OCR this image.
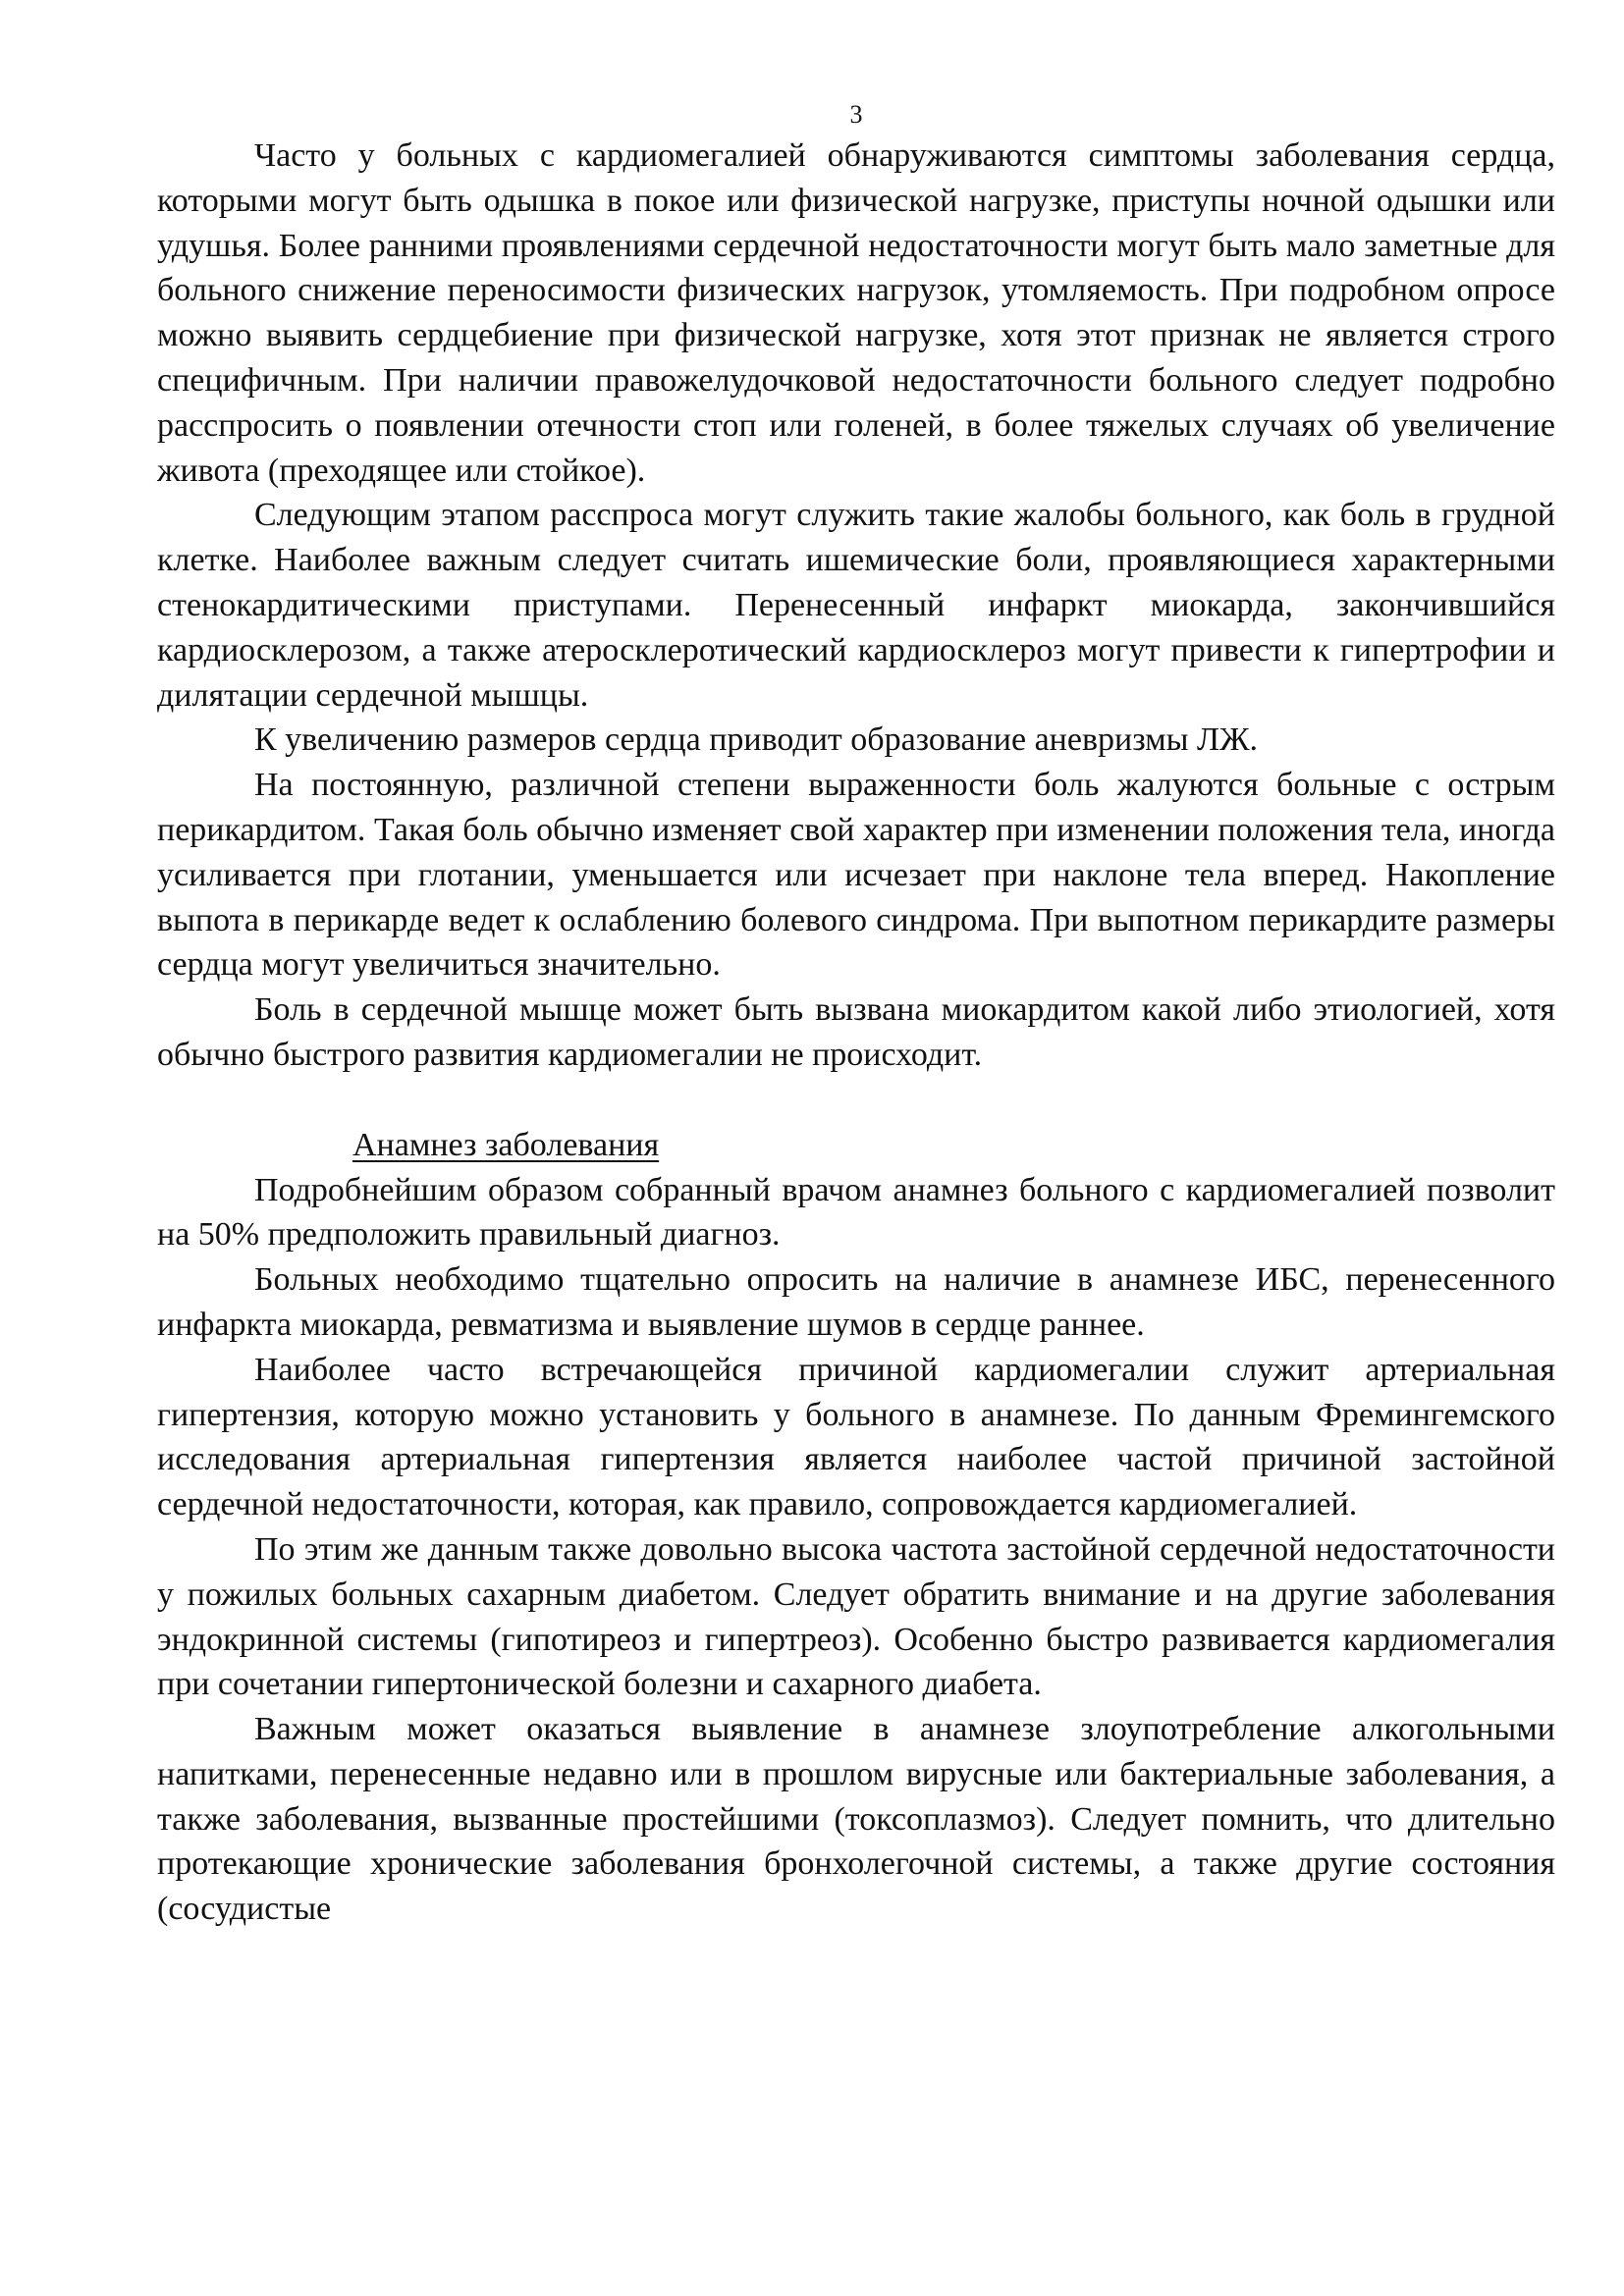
3

Часто у больных с кардиомегалией обнаруживаются симптомы заболевания сердца, которыми могут быть одышка в покое или физической нагрузке, приступы ночной одышки или удушья. Более ранними проявлениями сердечной недостаточности могут быть мало заметные для больного снижение переносимости физических нагрузок, утомляемость. При подробном опросе можно выявить сердцебиение при физической нагрузке, хотя этот признак не является строго специфичным. При наличии правожелудочковой недостаточности больного следует подробно расспросить о появлении отечности стоп или голеней, в более тяжелых случаях об увеличение живота (преходящее или стойкое).

Следующим этапом расспроса могут служить такие жалобы больного, как боль в грудной клетке. Наиболее важным следует считать ишемические боли, проявляющиеся характерными стенокардитическими приступами. Перенесенный инфаркт миокарда, закончившийся кардиосклерозом, а также атеросклеротический кардиосклероз могут привести к гипертрофии и дилятации сердечной мышцы.

К увеличению размеров сердца приводит образование аневризмы ЛЖ.

На постоянную, различной степени выраженности боль жалуются больные с острым перикардитом. Такая боль обычно изменяет свой характер при изменении положения тела, иногда усиливается при глотании, уменьшается или исчезает при наклоне тела вперед. Накопление выпота в перикарде ведет к ослаблению болевого синдрома. При выпотном перикардите размеры сердца могут увеличиться значительно.

Боль в сердечной мышце может быть вызвана миокардитом какой либо этиологией, хотя обычно быстрого развития кардиомегалии не происходит.

Анамнез заболевания

Подробнейшим образом собранный врачом анамнез больного с кардиомегалией позволит на 50% предположить правильный диагноз.

Больных необходимо тщательно опросить на наличие в анамнезе ИБС, перенесенного инфаркта миокарда, ревматизма и выявление шумов в сердце раннее.

Наиболее часто встречающейся причиной кардиомегалии служит артериальная гипертензия, которую можно установить у больного в анамнезе. По данным Фремингемского исследования артериальная гипертензия является наиболее частой причиной застойной сердечной недостаточности, которая, как правило, сопровождается кардиомегалией.

По этим же данным также довольно высока частота застойной сердечной недостаточности у пожилых больных сахарным диабетом. Следует обратить внимание и на другие заболевания эндокринной системы (гипотиреоз и гипертреоз). Особенно быстро развивается кардиомегалия при сочетании гипертонической болезни и сахарного диабета.

Важным может оказаться выявление в анамнезе злоупотребление алкогольными напитками, перенесенные недавно или в прошлом вирусные или бактериальные заболевания, а также заболевания, вызванные простейшими (токсоплазмоз). Следует помнить, что длительно протекающие хронические заболевания бронхолегочной системы, а также другие состояния (сосудистые
